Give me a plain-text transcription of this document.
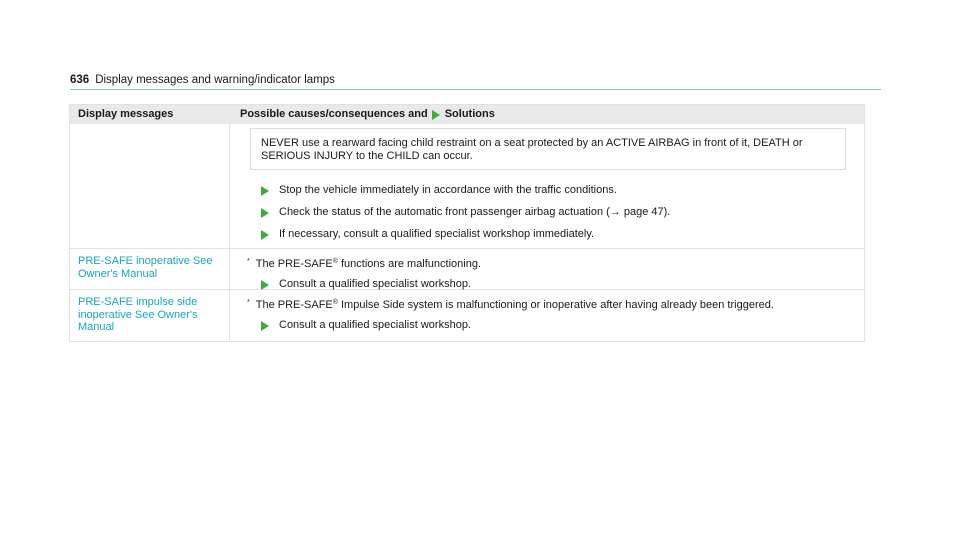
636 Display messages and warning/indicator lamps
Display messages	Possible causes/consequences and Solutions
NEVER use a rearward facing child restraint on a seat protected by an ACTIVE AIRBAG in front of it, DEATH or SERIOUS INJURY to the CHILD can occur.
Stop the vehicle immediately in accordance with the traffic conditions.
Check the status of the automatic front passenger airbag actuation (→ page 47).
If necessary, consult a qualified specialist workshop immediately.
PRE-SAFE inoperative See Owner's Manual
* The PRE-SAFE® functions are malfunctioning.
Consult a qualified specialist workshop.
PRE-SAFE impulse side inoperative See Owner's Manual
* The PRE-SAFE® Impulse Side system is malfunctioning or inoperative after having already been triggered.
Consult a qualified specialist workshop.
